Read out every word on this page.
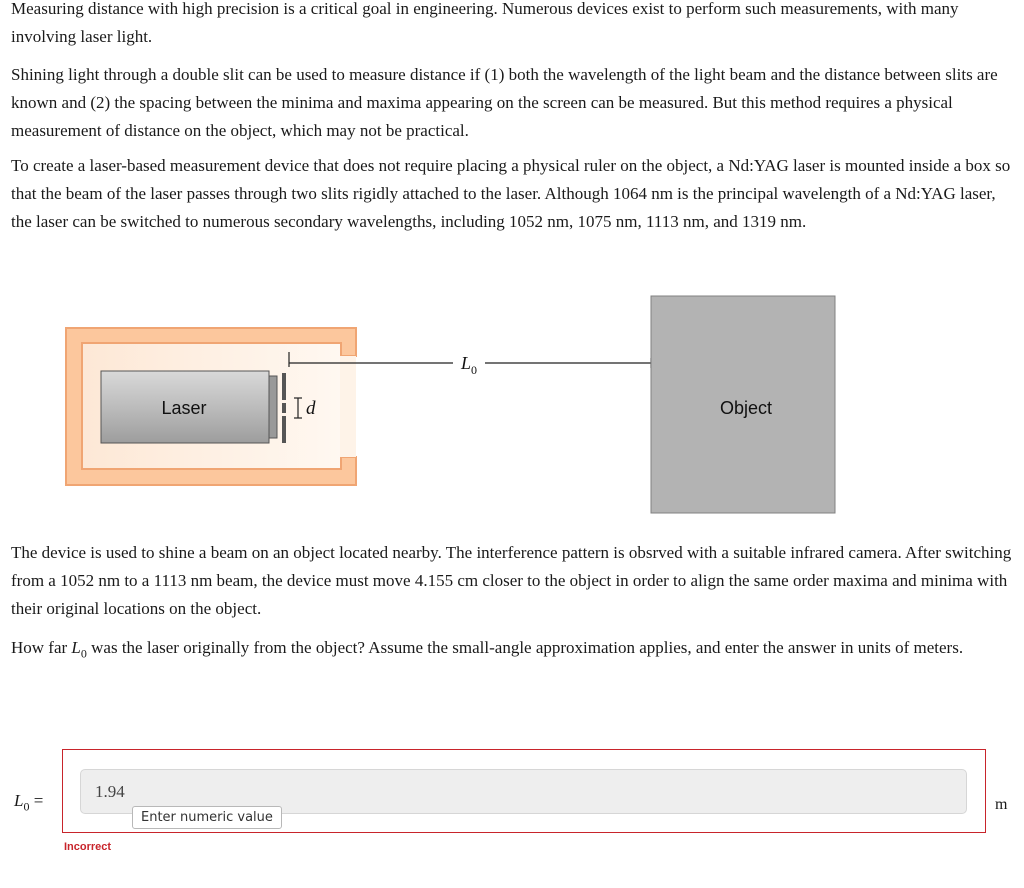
Measuring distance with high precision is a critical goal in engineering. Numerous devices exist to perform such measurements, with many involving laser light.

Shining light through a double slit can be used to measure distance if (1) both the wavelength of the light beam and the distance between slits are known and (2) the spacing between the minima and maxima appearing on the screen can be measured. But this method requires a physical measurement of distance on the object, which may not be practical.

To create a laser-based measurement device that does not require placing a physical ruler on the object, a Nd:YAG laser is mounted inside a box so that the beam of the laser passes through two slits rigidly attached to the laser. Although 1064 nm is the principal wavelength of a Nd:YAG laser, the laser can be switched to numerous secondary wavelengths, including 1052 nm, 1075 nm, 1113 nm, and 1319 nm.

Laser	d
$L_0$
Object

The device is used to shine a beam on an object located nearby. The interference pattern is obsrved with a suitable infrared camera. After switching from a 1052 nm to a 1113 nm beam, the device must move 4.155 cm closer to the object in order to align the same order maxima and minima with their original locations on the object.

How far $L_0$ was the laser originally from the object? Assume the small-angle approximation applies, and enter the answer in units of meters.

$L_0$ =	1.94
Enter numeric value
m
Incorrect
